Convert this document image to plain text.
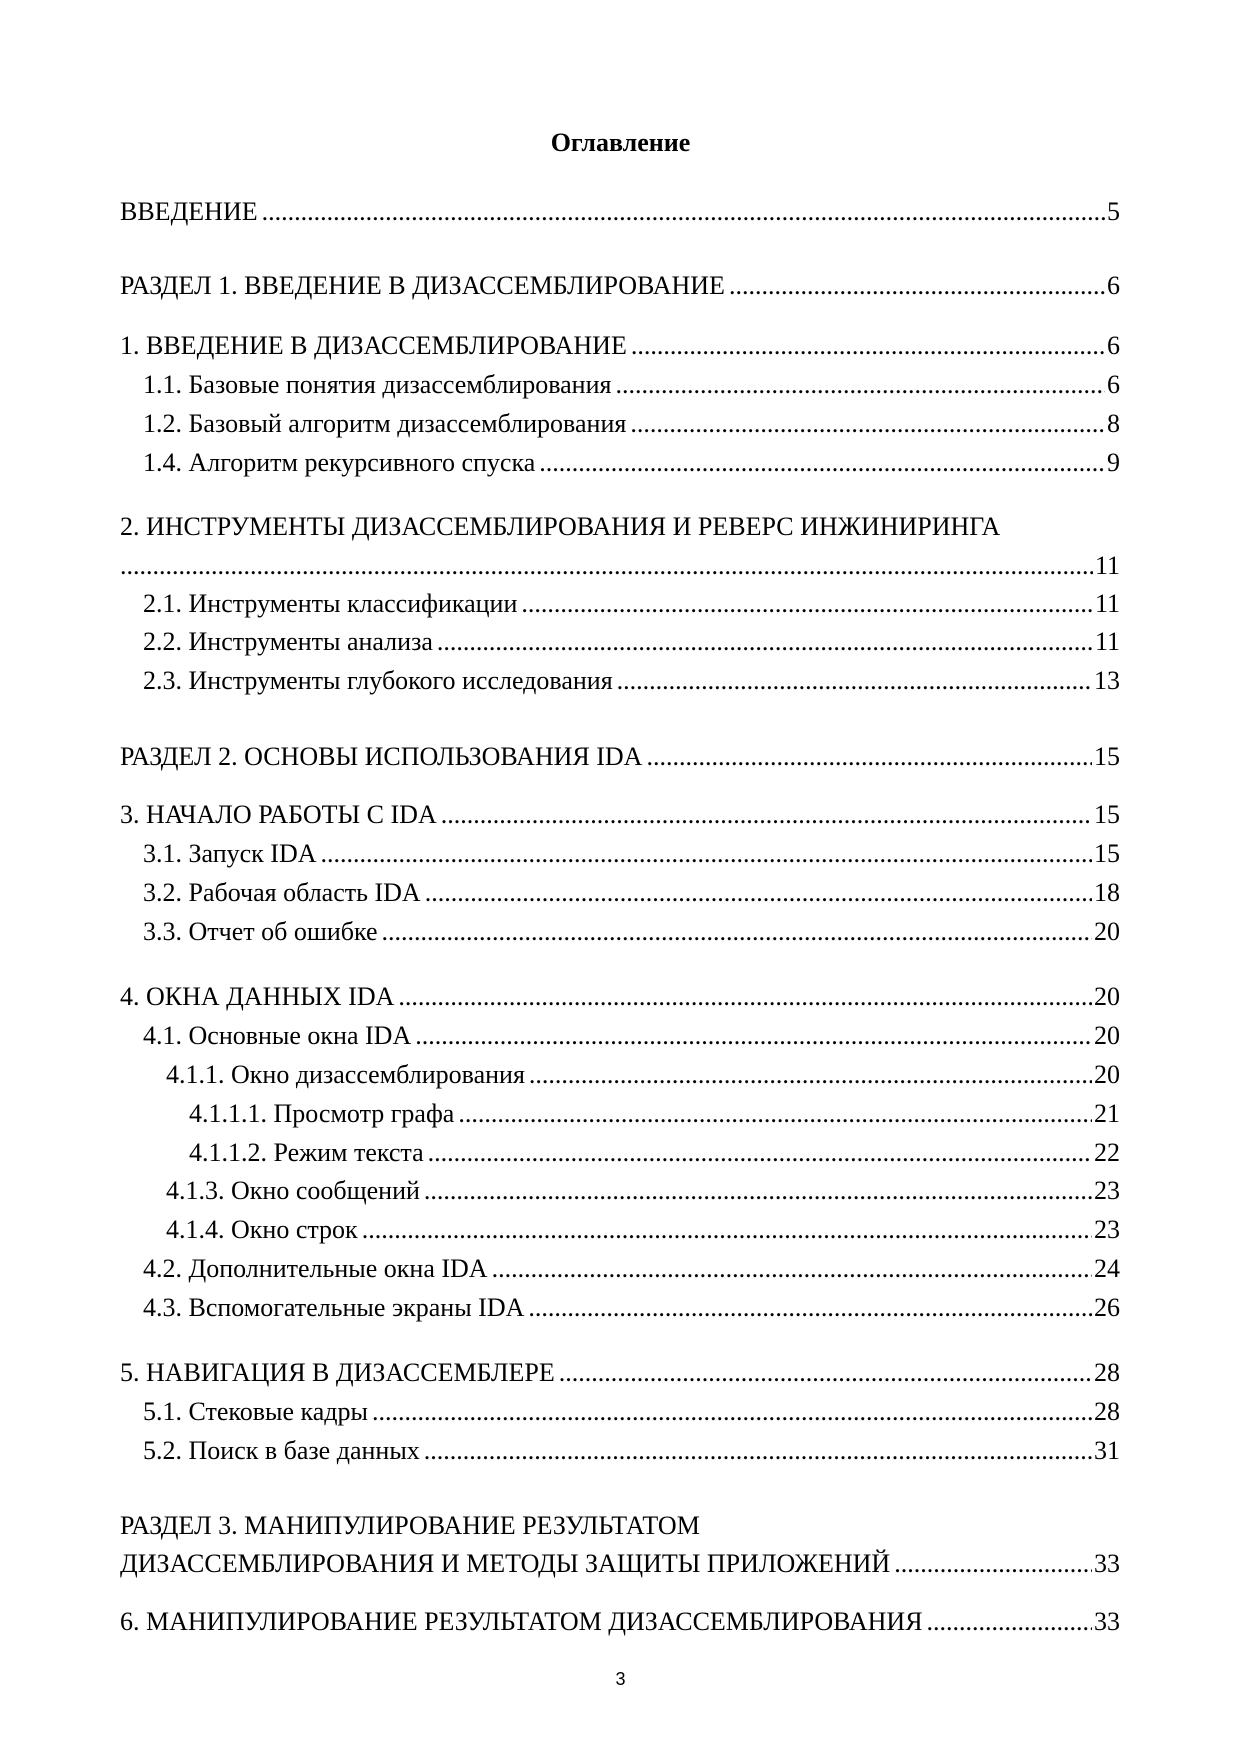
Оглавление
ВВЕДЕНИЕ .....	5
РАЗДЕЛ 1. ВВЕДЕНИЕ В ДИЗАССЕМБЛИРОВАНИЕ .....	6
1. ВВЕДЕНИЕ В ДИЗАССЕМБЛИРОВАНИЕ .....	6
1.1. Базовые понятия дизассемблирования .....	6
1.2. Базовый алгоритм дизассемблирования .....	8
1.4. Алгоритм рекурсивного спуска .....	9
2. ИНСТРУМЕНТЫ ДИЗАССЕМБЛИРОВАНИЯ И РЕВЕРС ИНЖИНИРИНГА
.....
11
2.1. Инструменты классификации .....	11
2.2. Инструменты анализа .....	11
2.3. Инструменты глубокого исследования .....	13
РАЗДЕЛ 2. ОСНОВЫ ИСПОЛЬЗОВАНИЯ IDA .....	15
3. НАЧАЛО РАБОТЫ С IDA .....	15
3.1. Запуск IDA .....	15
3.2. Рабочая область IDA .....	18
3.3. Отчет об ошибке .....	20
4. ОКНА ДАННЫХ IDA .....	20
4.1. Основные окна IDA .....	20
4.1.1. Окно дизассемблирования .....	20
4.1.1.1. Просмотр графа .....	21
4.1.1.2. Режим текста .....	22
4.1.3. Окно сообщений .....	23
4.1.4. Окно строк .....	23
4.2. Дополнительные окна IDA .....	24
4.3. Вспомогательные экраны IDA .....	26
5. НАВИГАЦИЯ В ДИЗАССЕМБЛЕРЕ .....	28
5.1. Стековые кадры .....	28
5.2. Поиск в базе данных .....	31
РАЗДЕЛ 3. МАНИПУЛИРОВАНИЕ РЕЗУЛЬТАТОМ
ДИЗАССЕМБЛИРОВАНИЯ И МЕТОДЫ ЗАЩИТЫ ПРИЛОЖЕНИЙ .....	33
6. МАНИПУЛИРОВАНИЕ РЕЗУЛЬТАТОМ ДИЗАССЕМБЛИРОВАНИЯ .....	33
3
